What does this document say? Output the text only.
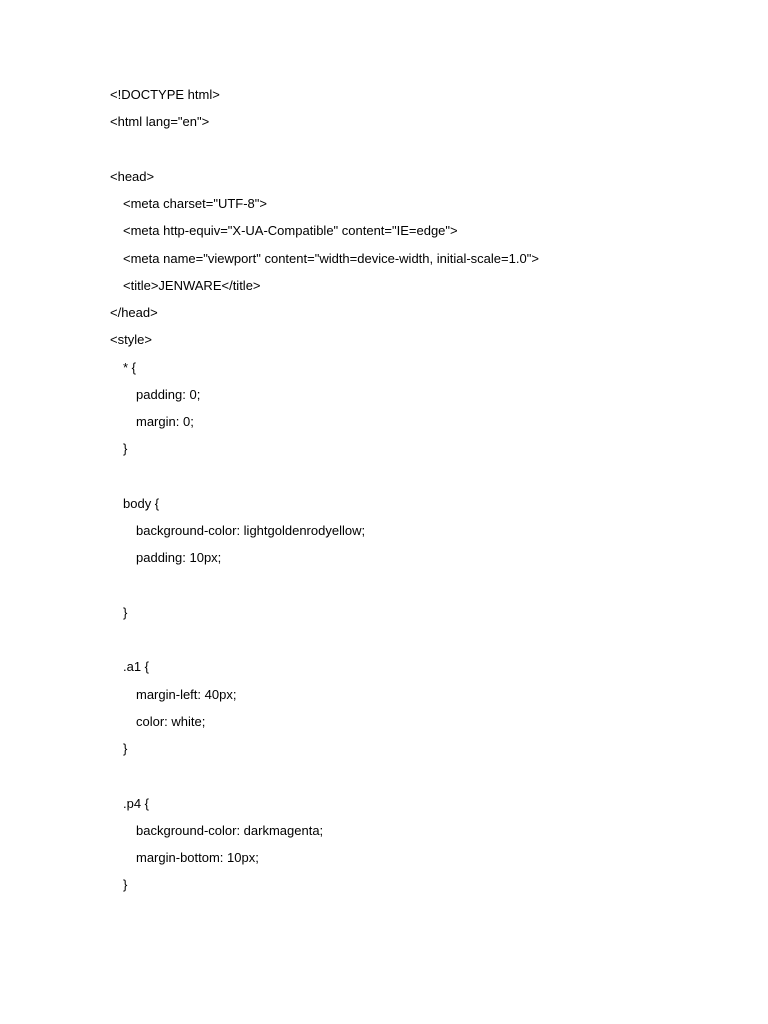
<!DOCTYPE html>
<html lang="en">
<head>
<meta charset="UTF-8">
<meta http-equiv="X-UA-Compatible" content="IE=edge">
<meta name="viewport" content="width=device-width, initial-scale=1.0">
<title>JENWARE</title>
</head>
<style>
* {
padding: 0;
margin: 0;
}
body {
background-color: lightgoldenrodyellow;
padding: 10px;
}
.a1 {
margin-left: 40px;
color: white;
}
.p4 {
background-color: darkmagenta;
margin-bottom: 10px;
}
